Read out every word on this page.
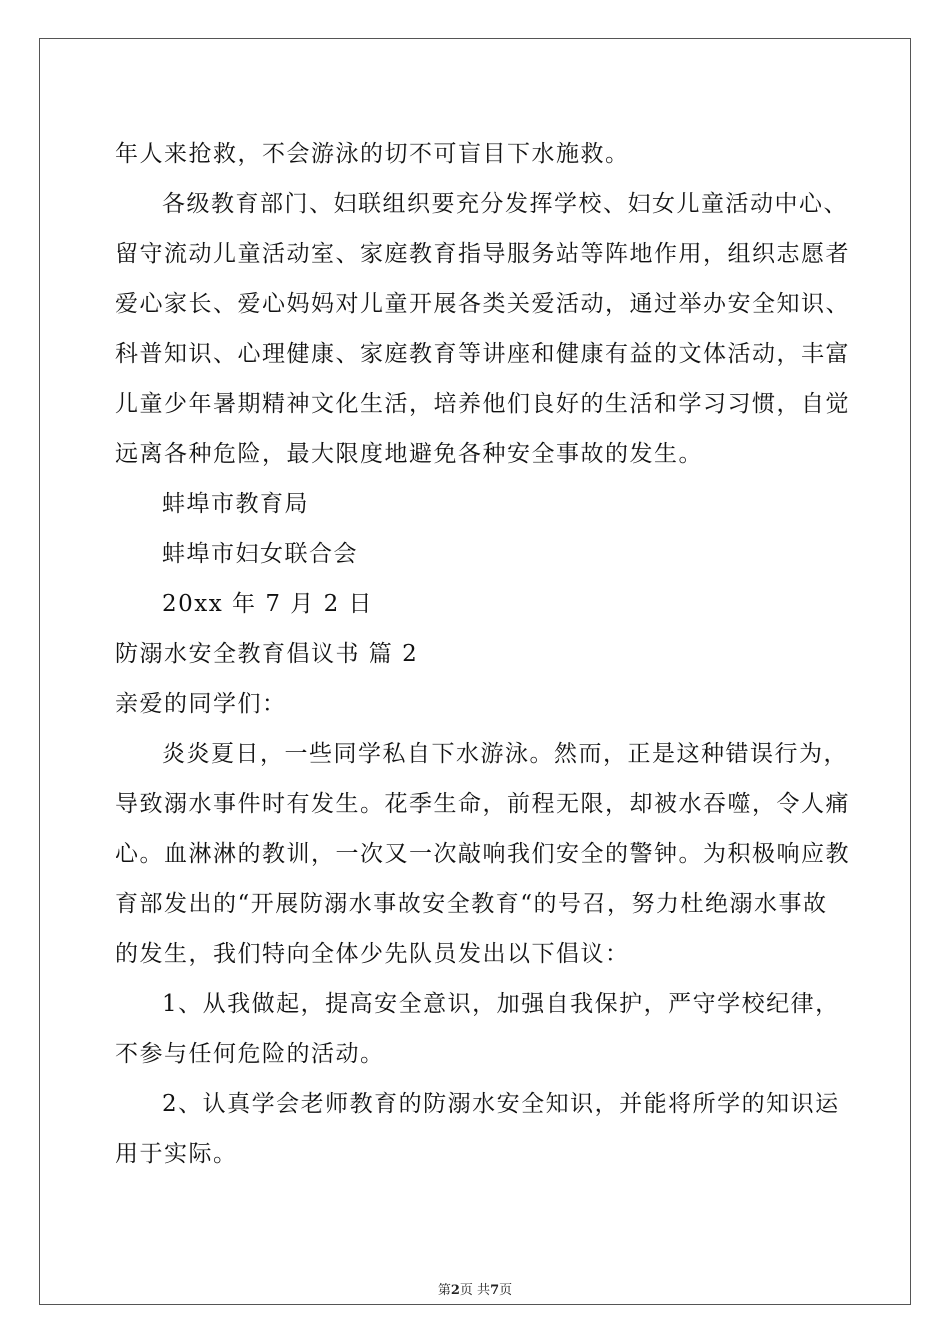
年人来抢救，不会游泳的切不可盲目下水施救。
各级教育部门、妇联组织要充分发挥学校、妇女儿童活动中心、
留守流动儿童活动室、家庭教育指导服务站等阵地作用，组织志愿者
爱心家长、爱心妈妈对儿童开展各类关爱活动，通过举办安全知识、
科普知识、心理健康、家庭教育等讲座和健康有益的文体活动，丰富
儿童少年暑期精神文化生活，培养他们良好的生活和学习习惯，自觉
远离各种危险，最大限度地避免各种安全事故的发生。
蚌埠市教育局
蚌埠市妇女联合会
20xx 年 7 月 2 日
防溺水安全教育倡议书 篇 2
亲爱的同学们：
炎炎夏日，一些同学私自下水游泳。然而，正是这种错误行为，
导致溺水事件时有发生。花季生命，前程无限，却被水吞噬，令人痛
心。血淋淋的教训，一次又一次敲响我们安全的警钟。为积极响应教
育部发出的“开展防溺水事故安全教育“的号召，努力杜绝溺水事故
的发生，我们特向全体少先队员发出以下倡议：
1、从我做起，提高安全意识，加强自我保护，严守学校纪律，
不参与任何危险的活动。
2、认真学会老师教育的防溺水安全知识，并能将所学的知识运
用于实际。
第2页 共7页
